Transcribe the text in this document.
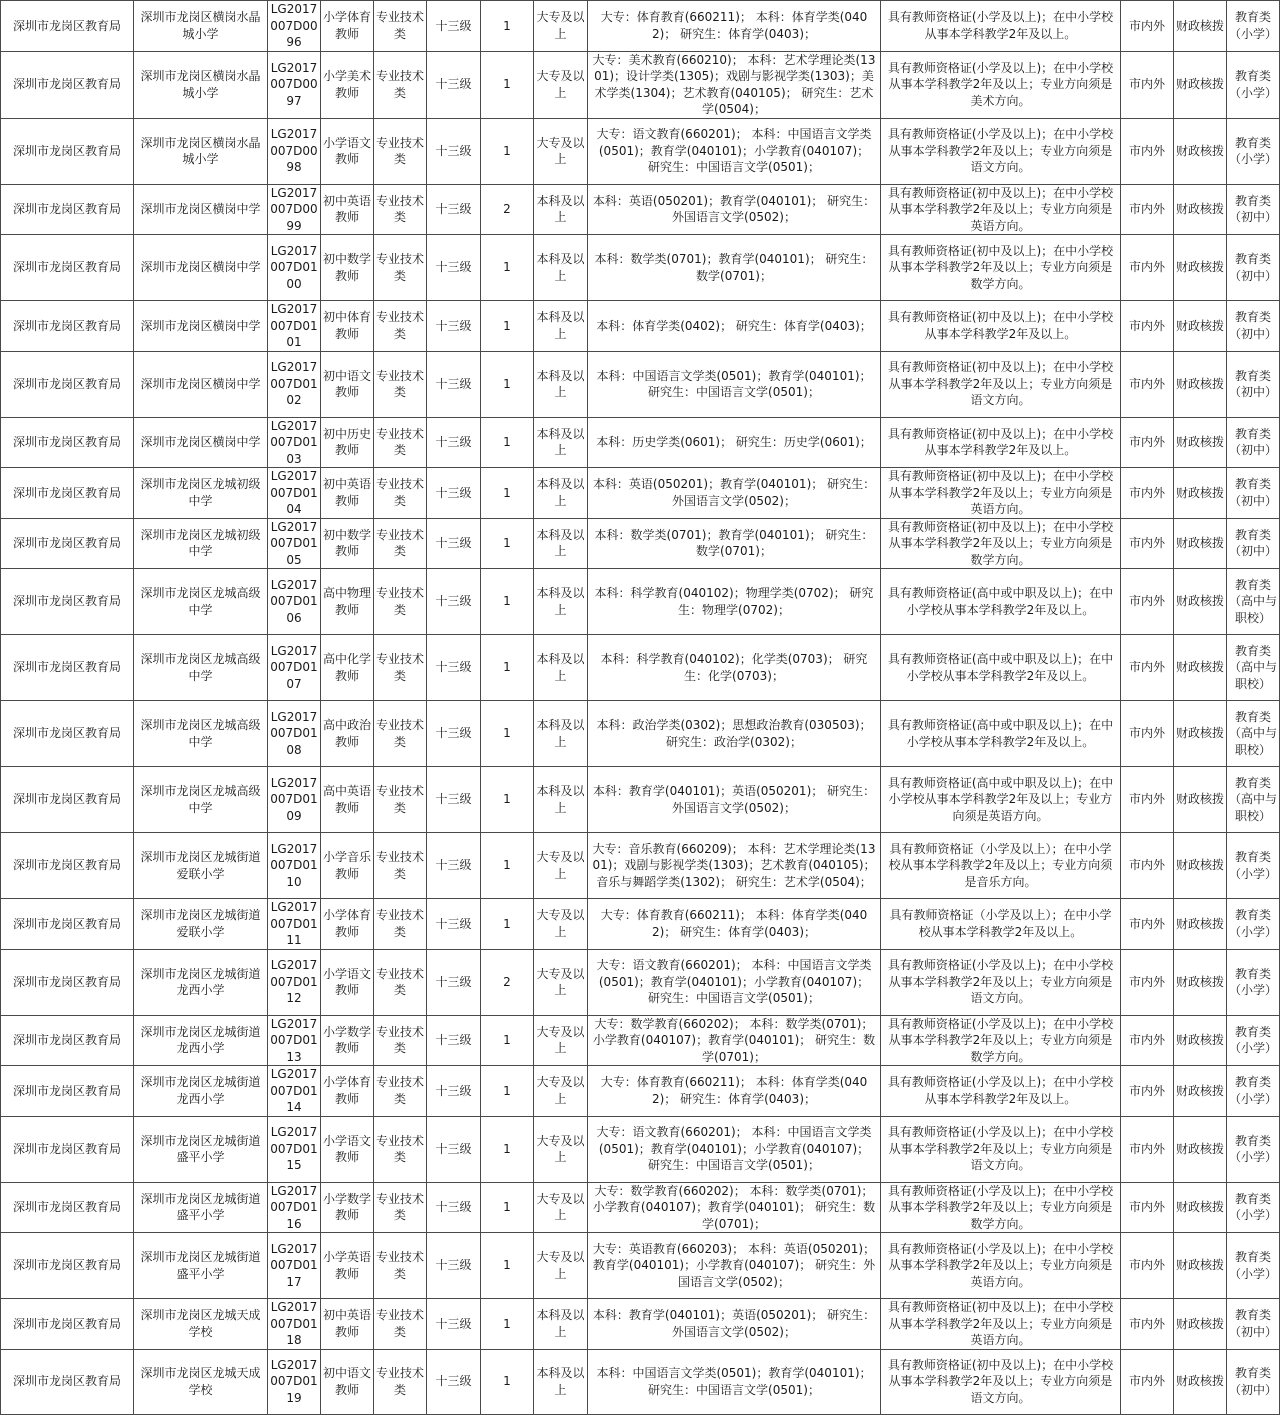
深圳市龙岗区教育局	深圳市龙岗区横岗水晶城小学	LG2017007D0096	小学体育教师	专业技术类	十三级	1	大专及以上	大专：体育教育(660211)； 本科：体育学类(0402)； 研究生：体育学(0403)；	具有教师资格证(小学及以上)；在中小学校从事本学科教学2年及以上。	市内外	财政核拨	教育类（小学）
深圳市龙岗区教育局	深圳市龙岗区横岗水晶城小学	LG2017007D0097	小学美术教师	专业技术类	十三级	1	大专及以上	大专：美术教育(660210)； 本科：艺术学理论类(1301)；设计学类(1305)；戏剧与影视学类(1303)；美术学类(1304)；艺术教育(040105)； 研究生：艺术学(0504)；	具有教师资格证(小学及以上)；在中小学校从事本学科教学2年及以上；专业方向须是美术方向。	市内外	财政核拨	教育类（小学）
深圳市龙岗区教育局	深圳市龙岗区横岗水晶城小学	LG2017007D0098	小学语文教师	专业技术类	十三级	1	大专及以上	大专：语文教育(660201)； 本科：中国语言文学类(0501)；教育学(040101)；小学教育(040107)； 研究生：中国语言文学(0501)；	具有教师资格证(小学及以上)；在中小学校从事本学科教学2年及以上；专业方向须是语文方向。	市内外	财政核拨	教育类（小学）
深圳市龙岗区教育局	深圳市龙岗区横岗中学	LG2017007D0099	初中英语教师	专业技术类	十三级	2	本科及以上	本科：英语(050201)；教育学(040101)； 研究生：外国语言文学(0502)；	具有教师资格证(初中及以上)；在中小学校从事本学科教学2年及以上；专业方向须是英语方向。	市内外	财政核拨	教育类（初中）
深圳市龙岗区教育局	深圳市龙岗区横岗中学	LG2017007D0100	初中数学教师	专业技术类	十三级	1	本科及以上	本科：数学类(0701)；教育学(040101)； 研究生：数学(0701)；	具有教师资格证(初中及以上)；在中小学校从事本学科教学2年及以上；专业方向须是数学方向。	市内外	财政核拨	教育类（初中）
深圳市龙岗区教育局	深圳市龙岗区横岗中学	LG2017007D0101	初中体育教师	专业技术类	十三级	1	本科及以上	本科：体育学类(0402)； 研究生：体育学(0403)；	具有教师资格证(初中及以上)；在中小学校从事本学科教学2年及以上。	市内外	财政核拨	教育类（初中）
深圳市龙岗区教育局	深圳市龙岗区横岗中学	LG2017007D0102	初中语文教师	专业技术类	十三级	1	本科及以上	本科：中国语言文学类(0501)；教育学(040101)； 研究生：中国语言文学(0501)；	具有教师资格证(初中及以上)；在中小学校从事本学科教学2年及以上；专业方向须是语文方向。	市内外	财政核拨	教育类（初中）
深圳市龙岗区教育局	深圳市龙岗区横岗中学	LG2017007D0103	初中历史教师	专业技术类	十三级	1	本科及以上	本科：历史学类(0601)； 研究生：历史学(0601)；	具有教师资格证(初中及以上)；在中小学校从事本学科教学2年及以上。	市内外	财政核拨	教育类（初中）
深圳市龙岗区教育局	深圳市龙岗区龙城初级中学	LG2017007D0104	初中英语教师	专业技术类	十三级	1	本科及以上	本科：英语(050201)；教育学(040101)； 研究生：外国语言文学(0502)；	具有教师资格证(初中及以上)；在中小学校从事本学科教学2年及以上；专业方向须是英语方向。	市内外	财政核拨	教育类（初中）
深圳市龙岗区教育局	深圳市龙岗区龙城初级中学	LG2017007D0105	初中数学教师	专业技术类	十三级	1	本科及以上	本科：数学类(0701)；教育学(040101)； 研究生：数学(0701)；	具有教师资格证(初中及以上)；在中小学校从事本学科教学2年及以上；专业方向须是数学方向。	市内外	财政核拨	教育类（初中）
深圳市龙岗区教育局	深圳市龙岗区龙城高级中学	LG2017007D0106	高中物理教师	专业技术类	十三级	1	本科及以上	本科：科学教育(040102)；物理学类(0702)； 研究生：物理学(0702)；	具有教师资格证(高中或中职及以上)；在中小学校从事本学科教学2年及以上。	市内外	财政核拨	教育类（高中与职校）
深圳市龙岗区教育局	深圳市龙岗区龙城高级中学	LG2017007D0107	高中化学教师	专业技术类	十三级	1	本科及以上	本科：科学教育(040102)；化学类(0703)； 研究生：化学(0703)；	具有教师资格证(高中或中职及以上)；在中小学校从事本学科教学2年及以上。	市内外	财政核拨	教育类（高中与职校）
深圳市龙岗区教育局	深圳市龙岗区龙城高级中学	LG2017007D0108	高中政治教师	专业技术类	十三级	1	本科及以上	本科：政治学类(0302)；思想政治教育(030503)； 研究生：政治学(0302)；	具有教师资格证(高中或中职及以上)；在中小学校从事本学科教学2年及以上。	市内外	财政核拨	教育类（高中与职校）
深圳市龙岗区教育局	深圳市龙岗区龙城高级中学	LG2017007D0109	高中英语教师	专业技术类	十三级	1	本科及以上	本科：教育学(040101)；英语(050201)； 研究生：外国语言文学(0502)；	具有教师资格证(高中或中职及以上)；在中小学校从事本学科教学2年及以上；专业方向须是英语方向。	市内外	财政核拨	教育类（高中与职校）
深圳市龙岗区教育局	深圳市龙岗区龙城街道爱联小学	LG2017007D0110	小学音乐教师	专业技术类	十三级	1	大专及以上	大专：音乐教育(660209)； 本科：艺术学理论类(1301)；戏剧与影视学类(1303)；艺术教育(040105)；音乐与舞蹈学类(1302)； 研究生：艺术学(0504)；	具有教师资格证（小学及以上）；在中小学校从事本学科教学2年及以上；专业方向须是音乐方向。	市内外	财政核拨	教育类（小学）
深圳市龙岗区教育局	深圳市龙岗区龙城街道爱联小学	LG2017007D0111	小学体育教师	专业技术类	十三级	1	大专及以上	大专：体育教育(660211)； 本科：体育学类(0402)； 研究生：体育学(0403)；	具有教师资格证（小学及以上）；在中小学校从事本学科教学2年及以上。	市内外	财政核拨	教育类（小学）
深圳市龙岗区教育局	深圳市龙岗区龙城街道龙西小学	LG2017007D0112	小学语文教师	专业技术类	十三级	2	大专及以上	大专：语文教育(660201)； 本科：中国语言文学类(0501)；教育学(040101)；小学教育(040107)； 研究生：中国语言文学(0501)；	具有教师资格证(小学及以上)；在中小学校从事本学科教学2年及以上；专业方向须是语文方向。	市内外	财政核拨	教育类（小学）
深圳市龙岗区教育局	深圳市龙岗区龙城街道龙西小学	LG2017007D0113	小学数学教师	专业技术类	十三级	1	大专及以上	大专：数学教育(660202)； 本科：数学类(0701)；小学教育(040107)；教育学(040101)； 研究生：数学(0701)；	具有教师资格证(小学及以上)；在中小学校从事本学科教学2年及以上；专业方向须是数学方向。	市内外	财政核拨	教育类（小学）
深圳市龙岗区教育局	深圳市龙岗区龙城街道龙西小学	LG2017007D0114	小学体育教师	专业技术类	十三级	1	大专及以上	大专：体育教育(660211)； 本科：体育学类(0402)； 研究生：体育学(0403)；	具有教师资格证(小学及以上)；在中小学校从事本学科教学2年及以上。	市内外	财政核拨	教育类（小学）
深圳市龙岗区教育局	深圳市龙岗区龙城街道盛平小学	LG2017007D0115	小学语文教师	专业技术类	十三级	1	大专及以上	大专：语文教育(660201)； 本科：中国语言文学类(0501)；教育学(040101)；小学教育(040107)； 研究生：中国语言文学(0501)；	具有教师资格证(小学及以上)；在中小学校从事本学科教学2年及以上；专业方向须是语文方向。	市内外	财政核拨	教育类（小学）
深圳市龙岗区教育局	深圳市龙岗区龙城街道盛平小学	LG2017007D0116	小学数学教师	专业技术类	十三级	1	大专及以上	大专：数学教育(660202)； 本科：数学类(0701)；小学教育(040107)；教育学(040101)； 研究生：数学(0701)；	具有教师资格证(小学及以上)；在中小学校从事本学科教学2年及以上；专业方向须是数学方向。	市内外	财政核拨	教育类（小学）
深圳市龙岗区教育局	深圳市龙岗区龙城街道盛平小学	LG2017007D0117	小学英语教师	专业技术类	十三级	1	大专及以上	大专：英语教育(660203)； 本科：英语(050201)；教育学(040101)；小学教育(040107)； 研究生：外国语言文学(0502)；	具有教师资格证(小学及以上)；在中小学校从事本学科教学2年及以上；专业方向须是英语方向。	市内外	财政核拨	教育类（小学）
深圳市龙岗区教育局	深圳市龙岗区龙城天成学校	LG2017007D0118	初中英语教师	专业技术类	十三级	1	本科及以上	本科：教育学(040101)；英语(050201)； 研究生：外国语言文学(0502)；	具有教师资格证(初中及以上)；在中小学校从事本学科教学2年及以上；专业方向须是英语方向。	市内外	财政核拨	教育类（初中）
深圳市龙岗区教育局	深圳市龙岗区龙城天成学校	LG2017007D0119	初中语文教师	专业技术类	十三级	1	本科及以上	本科：中国语言文学类(0501)；教育学(040101)； 研究生：中国语言文学(0501)；	具有教师资格证(初中及以上)；在中小学校从事本学科教学2年及以上；专业方向须是语文方向。	市内外	财政核拨	教育类（初中）
